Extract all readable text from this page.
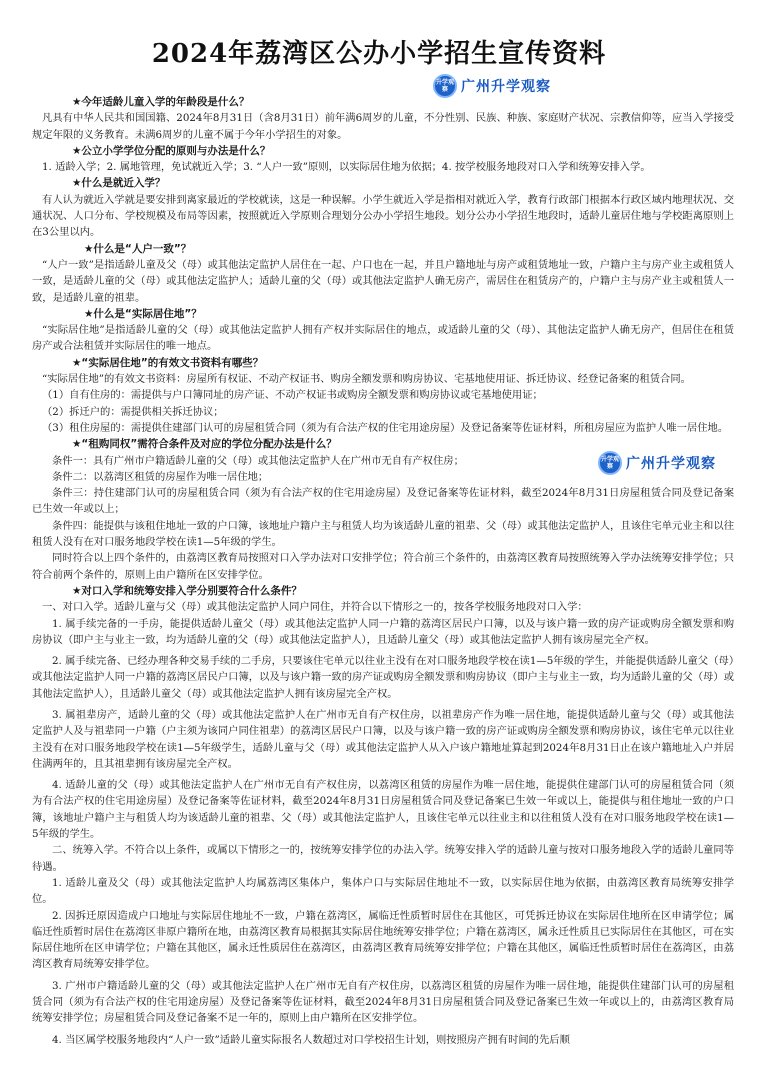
2024年荔湾区公办小学招生宣传资料
升学观察 广州升学观察
升学观察 广州升学观察

★今年适龄儿童入学的年龄段是什么？

凡具有中华人民共和国国籍、2024年8月31日（含8月31日）前年满6周岁的儿童，不分性别、民族、种族、家庭财产状况、宗教信仰等，应当入学接受规定年限的义务教育。未满6周岁的儿童不属于今年小学招生的对象。

★公立小学学位分配的原则与办法是什么？

1. 适龄入学；2. 属地管理，免试就近入学；3. “人户一致”原则，以实际居住地为依据；4. 按学校服务地段对口入学和统筹安排入学。

★什么是就近入学？

有人认为就近入学就是要安排到离家最近的学校就读，这是一种误解。小学生就近入学是指相对就近入学，教育行政部门根据本行政区域内地理状况、交通状况、人口分布、学校规模及布局等因素，按照就近入学原则合理划分公办小学招生地段。划分公办小学招生地段时，适龄儿童居住地与学校距离原则上在3公里以内。

★什么是“人户一致”？

“人户一致”是指适龄儿童及父（母）或其他法定监护人居住在一起、户口也在一起，并且户籍地址与房产或租赁地址一致，户籍户主与房产业主或租赁人一致，是适龄儿童的父（母）或其他法定监护人；适龄儿童的父（母）或其他法定监护人确无房产，需居住在租赁房产的，户籍户主与房产业主或租赁人一致，是适龄儿童的祖辈。

★什么是“实际居住地”？

“实际居住地”是指适龄儿童的父（母）或其他法定监护人拥有产权并实际居住的地点，或适龄儿童的父（母）、其他法定监护人确无房产，但居住在租赁房产或合法租赁并实际居住的唯一地点。

★“实际居住地”的有效文书资料有哪些？

“实际居住地”的有效文书资料：房屋所有权证、不动产权证书、购房全额发票和购房协议、宅基地使用证、拆迁协议、经登记备案的租赁合同。

（1）自有住房的：需提供与户口簿同址的房产证、不动产权证书或购房全额发票和购房协议或宅基地使用证；

（2）拆迁户的：需提供相关拆迁协议；

（3）租住房屋的：需提供住建部门认可的房屋租赁合同（须为有合法产权的住宅用途房屋）及登记备案等佐证材料，所租房屋应为监护人唯一居住地。

★“租购同权”需符合条件及对应的学位分配办法是什么？

条件一：具有广州市户籍适龄儿童的父（母）或其他法定监护人在广州市无自有产权住房；

条件二：以荔湾区租赁的房屋作为唯一居住地；

条件三：持住建部门认可的房屋租赁合同（须为有合法产权的住宅用途房屋）及登记备案等佐证材料，截至2024年8月31日房屋租赁合同及登记备案已生效一年或以上；

条件四：能提供与该租住地址一致的户口簿，该地址户籍户主与租赁人均为该适龄儿童的祖辈、父（母）或其他法定监护人，且该住宅单元业主和以往租赁人没有在对口服务地段学校在读1—5年级的学生。

同时符合以上四个条件的，由荔湾区教育局按照对口入学办法对口安排学位；符合前三个条件的，由荔湾区教育局按照统筹入学办法统筹安排学位；只符合前两个条件的，原则上由户籍所在区安排学位。

★对口入学和统筹安排入学分别要符合什么条件？

一、对口入学。适龄儿童与父（母）或其他法定监护人同户同住，并符合以下情形之一的，按各学校服务地段对口入学：

1. 属手续完备的一手房，能提供适龄儿童父（母）或其他法定监护人同一户籍的荔湾区居民户口簿，以及与该户籍一致的房产证或购房全额发票和购房协议（即户主与业主一致，均为适龄儿童的父（母）或其他法定监护人），且适龄儿童父（母）或其他法定监护人拥有该房屋完全产权。

2. 属手续完备、已经办理各种交易手续的二手房，只要该住宅单元以往业主没有在对口服务地段学校在读1—5年级的学生，并能提供适龄儿童父（母）或其他法定监护人同一户籍的荔湾区居民户口簿，以及与该户籍一致的房产证或购房全额发票和购房协议（即户主与业主一致，均为适龄儿童的父（母）或其他法定监护人），且适龄儿童父（母）或其他法定监护人拥有该房屋完全产权。

3. 属祖辈房产，适龄儿童的父（母）或其他法定监护人在广州市无自有产权住房，以祖辈房产作为唯一居住地，能提供适龄儿童与父（母）或其他法定监护人及与祖辈同一户籍（户主须为该同户同住祖辈）的荔湾区居民户口簿，以及与该户籍一致的房产证或购房全额发票和购房协议，该住宅单元以往业主没有在对口服务地段学校在读1—5年级学生，适龄儿童与父（母）或其他法定监护人从入户该户籍地址算起到2024年8月31日止在该户籍地址入户并居住满两年的，且其祖辈拥有该房屋完全产权。

4. 适龄儿童的父（母）或其他法定监护人在广州市无自有产权住房，以荔湾区租赁的房屋作为唯一居住地，能提供住建部门认可的房屋租赁合同（须为有合法产权的住宅用途房屋）及登记备案等佐证材料，截至2024年8月31日房屋租赁合同及登记备案已生效一年或以上，能提供与租住地址一致的户口簿，该地址户籍户主与租赁人均为该适龄儿童的祖辈、父（母）或其他法定监护人，且该住宅单元以往业主和以往租赁人没有在对口服务地段学校在读1—5年级的学生。

二、统筹入学。不符合以上条件，或属以下情形之一的，按统筹安排学位的办法入学。统筹安排入学的适龄儿童与按对口服务地段入学的适龄儿童同等待遇。

1. 适龄儿童及父（母）或其他法定监护人均属荔湾区集体户，集体户口与实际居住地址不一致，以实际居住地为依据，由荔湾区教育局统筹安排学位。

2. 因拆迁原因造成户口地址与实际居住地址不一致，户籍在荔湾区，属临迁性质暂时居住在其他区，可凭拆迁协议在实际居住地所在区申请学位；属临迁性质暂时居住在荔湾区非原户籍所在地，由荔湾区教育局根据其实际居住地统筹安排学位；户籍在荔湾区，属永迁性质且已实际居住在其他区，可在实际居住地所在区申请学位；户籍在其他区，属永迁性质居住在荔湾区，由荔湾区教育局统筹安排学位；户籍在其他区，属临迁性质暂时居住在荔湾区，由荔湾区教育局统筹安排学位。

3. 广州市户籍适龄儿童的父（母）或其他法定监护人在广州市无自有产权住房，以荔湾区租赁的房屋作为唯一居住地，能提供住建部门认可的房屋租赁合同（须为有合法产权的住宅用途房屋）及登记备案等佐证材料，截至2024年8月31日房屋租赁合同及登记备案已生效一年或以上的，由荔湾区教育局统筹安排学位；房屋租赁合同及登记备案不足一年的，原则上由户籍所在区安排学位。

4. 当区属学校服务地段内“人户一致”适龄儿童实际报名人数超过对口学校招生计划，则按照房产拥有时间的先后顺
